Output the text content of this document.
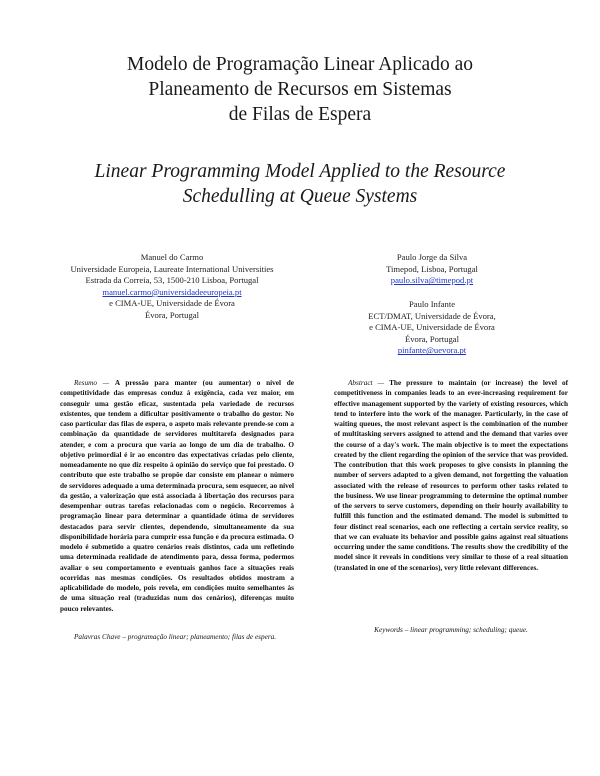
Modelo de Programação Linear Aplicado ao
Planeamento de Recursos em Sistemas
de Filas de Espera
Linear Programming Model Applied to the Resource
Schedulling at Queue Systems
Manuel do Carmo
Universidade Europeia, Laureate International Universities
Estrada da Correia, 53, 1500-210 Lisboa, Portugal
manuel.carmo@universidadeeuropeia.pt
e CIMA-UE, Universidade de Évora
Évora, Portugal
Paulo Jorge da Silva
Timepod, Lisboa, Portugal
paulo.silva@timepod.pt
Paulo Infante
ECT/DMAT, Universidade de Évora,
e CIMA-UE, Universidade de Évora
Évora, Portugal
pinfante@uevora.pt
Resumo — A pressão para manter (ou aumentar) o nível de competitividade das empresas conduz à exigência, cada vez maior, em conseguir uma gestão eficaz, sustentada pela variedade de recursos existentes, que tendem a dificultar positivamente o trabalho do gestor. No caso particular das filas de espera, o aspeto mais relevante prende-se com a combinação da quantidade de servidores multitarefa designados para atender, e com a procura que varia ao longo de um dia de trabalho. O objetivo primordial é ir ao encontro das expectativas criadas pelo cliente, nomeadamente no que diz respeito à opinião do serviço que foi prestado. O contributo que este trabalho se propõe dar consiste em planear o número de servidores adequado a uma determinada procura, sem esquecer, ao nível da gestão, a valorização que está associada à libertação dos recursos para desempenhar outras tarefas relacionadas com o negócio. Recorremos à programação linear para determinar a quantidade ótima de servidores destacados para servir clientes, dependendo, simultaneamente da sua disponibilidade horária para cumprir essa função e da procura estimada. O modelo é submetido a quatro cenários reais distintos, cada um refletindo uma determinada realidade de atendimento para, dessa forma, podermos avaliar o seu comportamento e eventuais ganhos face a situações reais ocorridas nas mesmas condições. Os resultados obtidos mostram a aplicabilidade do modelo, pois revela, em condições muito semelhantes às de uma situação real (traduzidas num dos cenários), diferenças muito pouco relevantes.
Abstract — The pressure to maintain (or increase) the level of competitiveness in companies leads to an ever-increasing requirement for effective management supported by the variety of existing resources, which tend to interfere into the work of the manager. Particularly, in the case of waiting queues, the most relevant aspect is the combination of the number of multitasking servers assigned to attend and the demand that varies over the course of a day's work. The main objective is to meet the expectations created by the client regarding the opinion of the service that was provided. The contribution that this work proposes to give consists in planning the number of servers adapted to a given demand, not forgetting the valuation associated with the release of resources to perform other tasks related to the business. We use linear programming to determine the optimal number of the servers to serve customers, depending on their hourly availability to fulfill this function and the estimated demand. The model is submitted to four distinct real scenarios, each one reflecting a certain service reality, so that we can evaluate its behavior and possible gains against real situations occurring under the same conditions. The results show the credibility of the model since it reveals in conditions very similar to those of a real situation (translated in one of the scenarios), very little relevant differences.
Palavras Chave – programação linear; planeamento; filas de espera.
Keywords – linear programming; scheduling; queue.
